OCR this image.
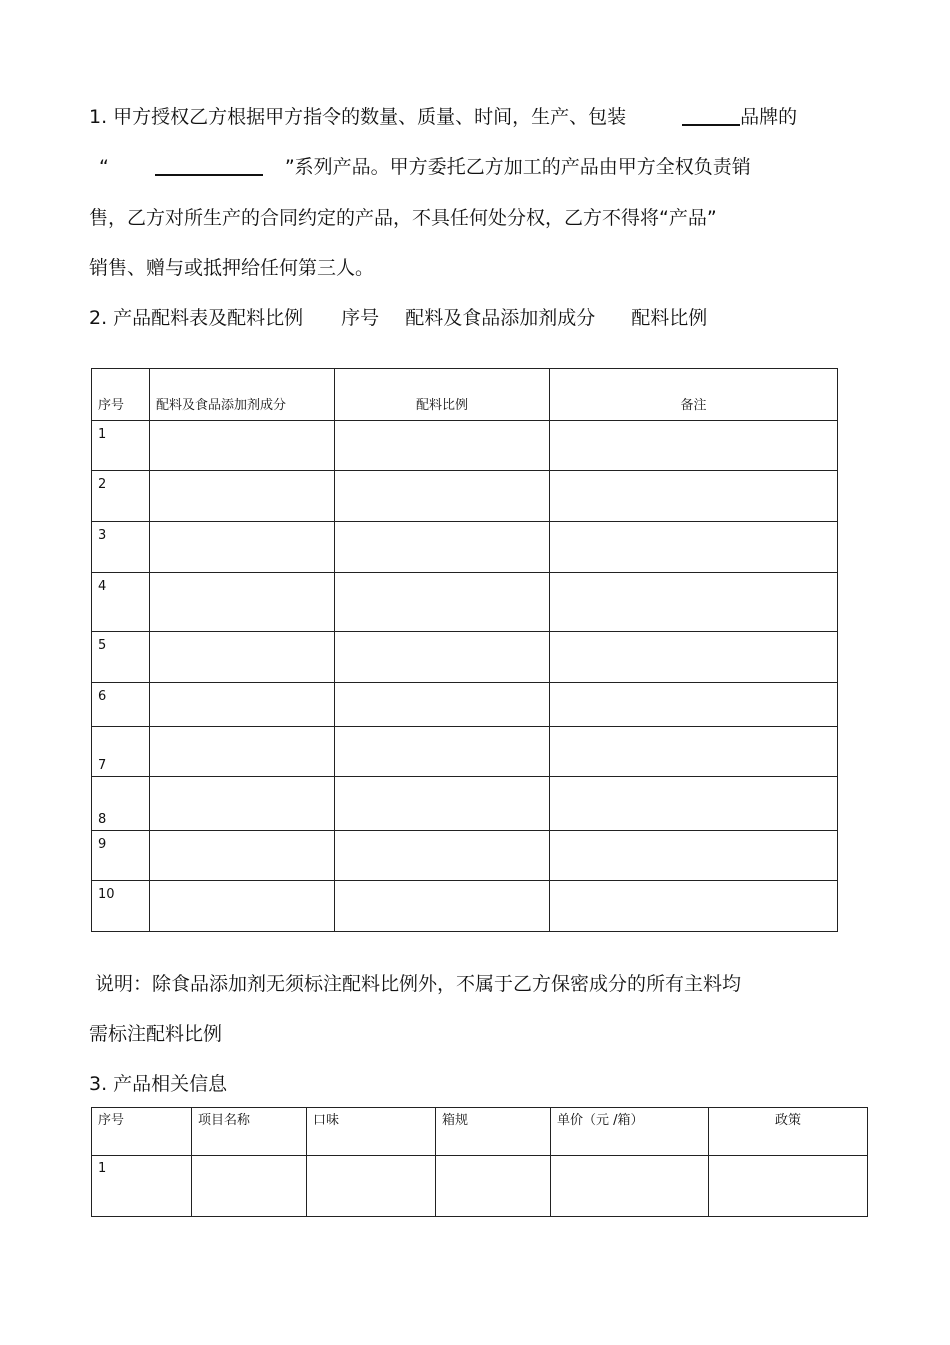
1. 甲方授权乙方根据甲方指令的数量、质量、时间，生产、包装	品牌的
“	”系列产品。甲方委托乙方加工的产品由甲方全权负责销
售，乙方对所生产的合同约定的产品，不具任何处分权，乙方不得将“产品”
销售、赠与或抵押给任何第三人。
2. 产品配料表及配料比例 序号 配料及食品添加剂成分 配料比例
序号	配料及食品添加剂成分	配料比例	备注
1			
2			
3			
4			
5			
6			
7			
8			
9			
10			
说明：除食品添加剂无须标注配料比例外，不属于乙方保密成分的所有主料均
需标注配料比例
3. 产品相关信息
序号	项目名称	口味	箱规	单价（元 /箱）	政策
1					
